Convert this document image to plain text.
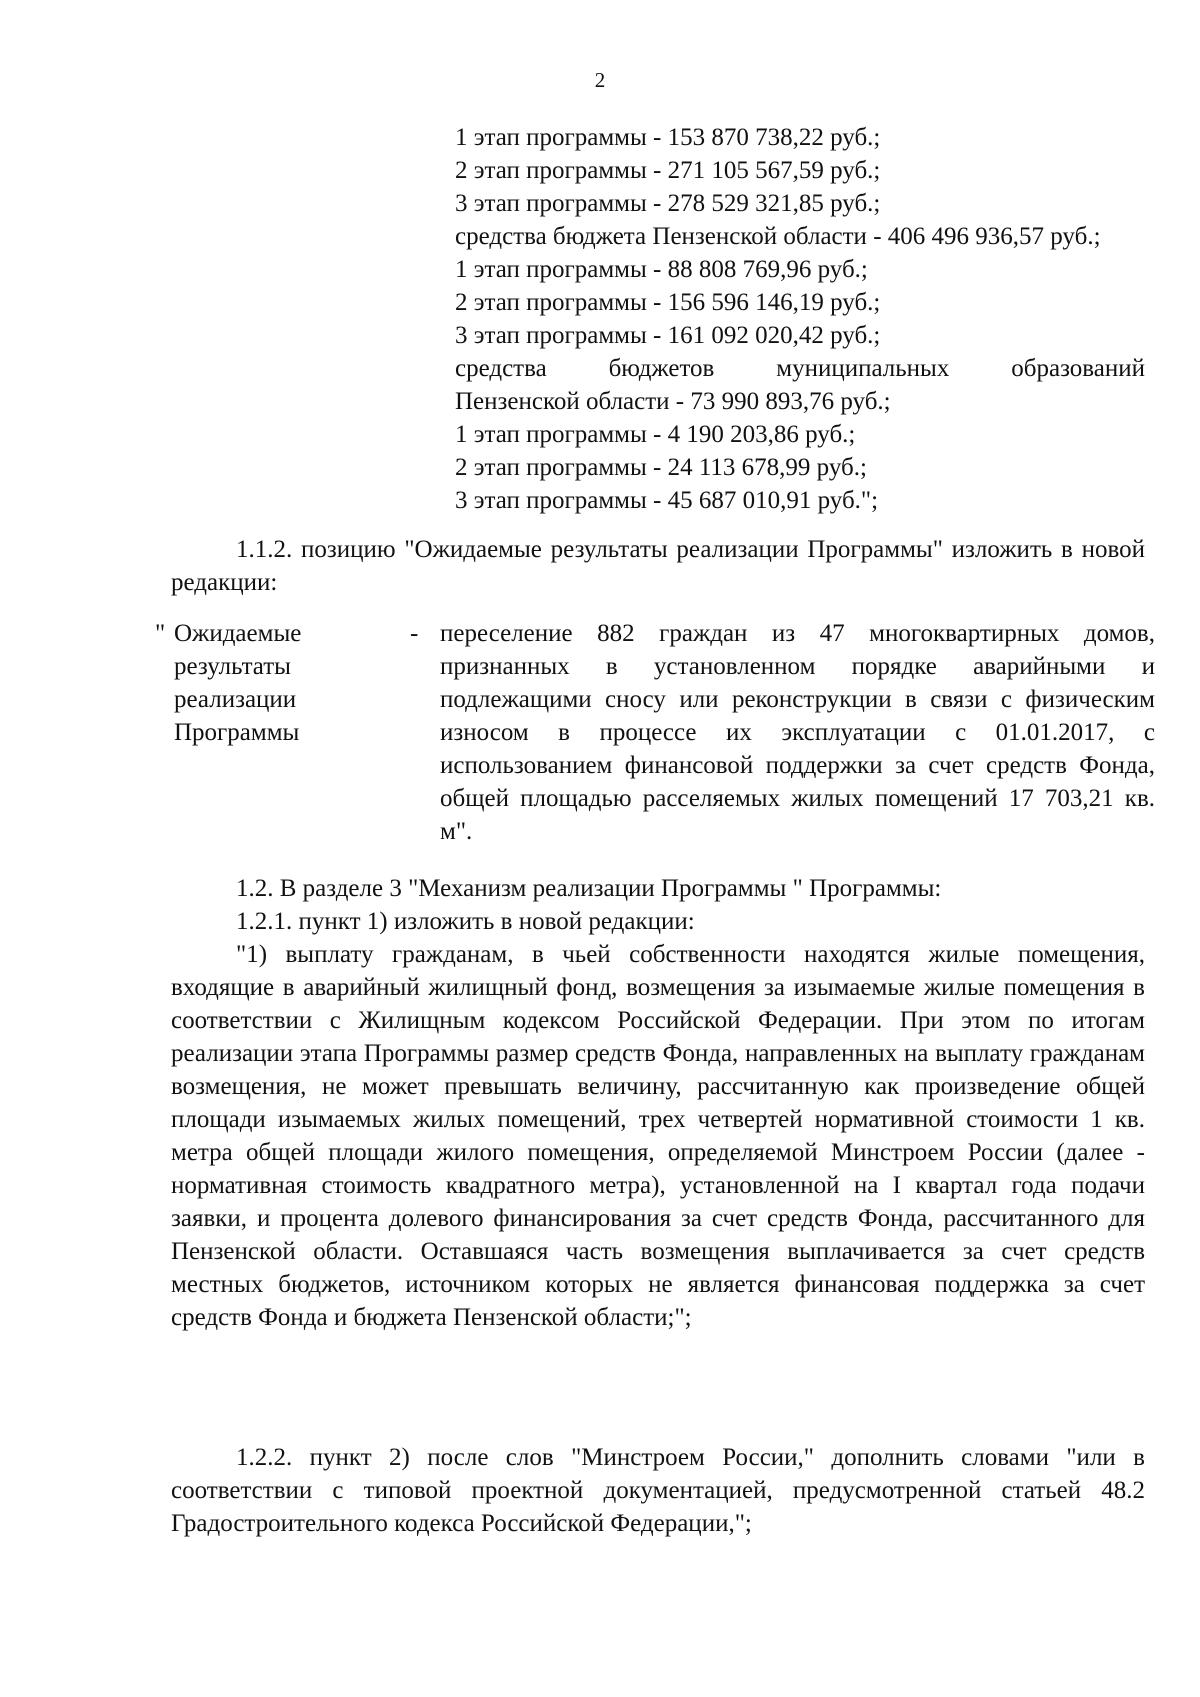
2
1 этап программы - 153 870 738,22 руб.;
2 этап программы - 271 105 567,59 руб.;
3 этап программы - 278 529 321,85 руб.;
средства бюджета Пензенской области - 406 496 936,57 руб.;
1 этап программы - 88 808 769,96 руб.;
2 этап программы - 156 596 146,19 руб.;
3 этап программы - 161 092 020,42 руб.;
средства бюджетов муниципальных образований
Пензенской области - 73 990 893,76 руб.;
1 этап программы - 4 190 203,86 руб.;
2 этап программы - 24 113 678,99 руб.;
3 этап программы - 45 687 010,91 руб.";
1.1.2. позицию "Ожидаемые результаты реализации Программы" изложить в новой редакции:
" Ожидаемые
результаты
реализации
Программы
- переселение 882 граждан из 47 многоквартирных домов, признанных в установленном порядке аварийными и подлежащими сносу или реконструкции в связи с физическим износом в процессе их эксплуатации с 01.01.2017, с использованием финансовой поддержки за счет средств Фонда, общей площадью расселяемых жилых помещений 17 703,21 кв. м".
1.2. В разделе 3 "Механизм реализации Программы " Программы:
1.2.1. пункт 1) изложить в новой редакции:
"1) выплату гражданам, в чьей собственности находятся жилые помещения, входящие в аварийный жилищный фонд, возмещения за изымаемые жилые помещения в соответствии с Жилищным кодексом Российской Федерации. При этом по итогам реализации этапа Программы размер средств Фонда, направленных на выплату гражданам возмещения, не может превышать величину, рассчитанную как произведение общей площади изымаемых жилых помещений, трех четвертей нормативной стоимости 1 кв. метра общей площади жилого помещения, определяемой Минстроем России (далее - нормативная стоимость квадратного метра), установленной на I квартал года подачи заявки, и процента долевого финансирования за счет средств Фонда, рассчитанного для Пензенской области. Оставшаяся часть возмещения выплачивается за счет средств местных бюджетов, источником которых не является финансовая поддержка за счет средств Фонда и бюджета Пензенской области;";
1.2.2. пункт 2) после слов "Минстроем России," дополнить словами "или в соответствии с типовой проектной документацией, предусмотренной статьей 48.2 Градостроительного кодекса Российской Федерации,";
